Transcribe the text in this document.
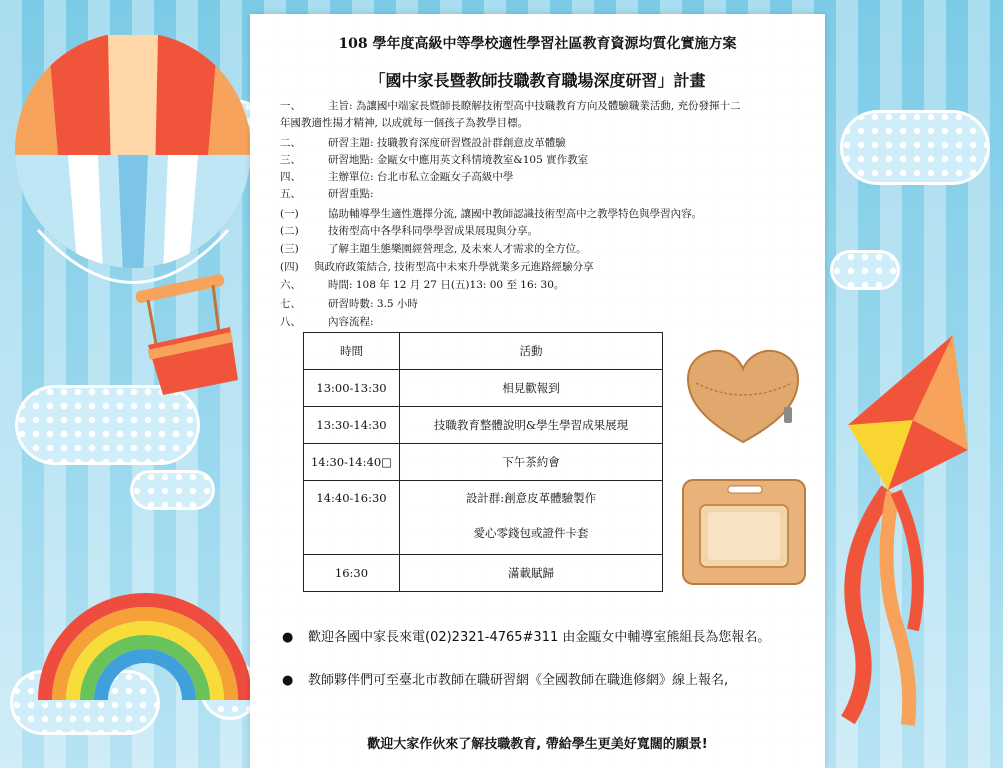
108 學年度高級中等學校適性學習社區教育資源均質化實施方案
「國中家長暨教師技職教育職場深度研習」計畫
一、	主旨: 為讓國中端家長暨師長瞭解技術型高中技職教育方向及體驗職業活動, 充份發揮十二
年國教適性揚才精神, 以成就每一個孩子為教學目標。
二、	研習主題: 技職教育深度研習暨設計群創意皮革體驗
三、	研習地點: 金甌女中應用英文科情境教室&105 實作教室
四、	主辦單位: 台北市私立金甌女子高級中學
五、	研習重點:
(一)	協助輔導學生適性選擇分流, 讓國中教師認識技術型高中之教學特色與學習內容。
(二)	技術型高中各學科同學學習成果展現與分享。
(三)	了解主題生態樂園經營理念, 及未來人才需求的全方位。
(四) 與政府政策結合, 技術型高中未來升學就業多元進路經驗分享
六、	時間: 108 年 12 月 27 日(五)13: 00 至 16: 30。
七、	研習時數: 3.5 小時
八、	內容流程:
時間	活動
13:00-13:30	相見歡報到
13:30-14:30	技職教育整體說明&學生學習成果展現
14:30-14:40□	下午茶約會
14:40-16:30	設計群:創意皮革體驗製作
愛心零錢包或證件卡套

16:30	滿載賦歸
● 歡迎各國中家長來電(02)2321-4765#311 由金甌女中輔導室熊組長為您報名。
● 教師夥伴們可至臺北市教師在職研習網《全國教師在職進修網》線上報名,
歡迎大家作伙來了解技職教育, 帶給學生更美好寬闊的願景!
